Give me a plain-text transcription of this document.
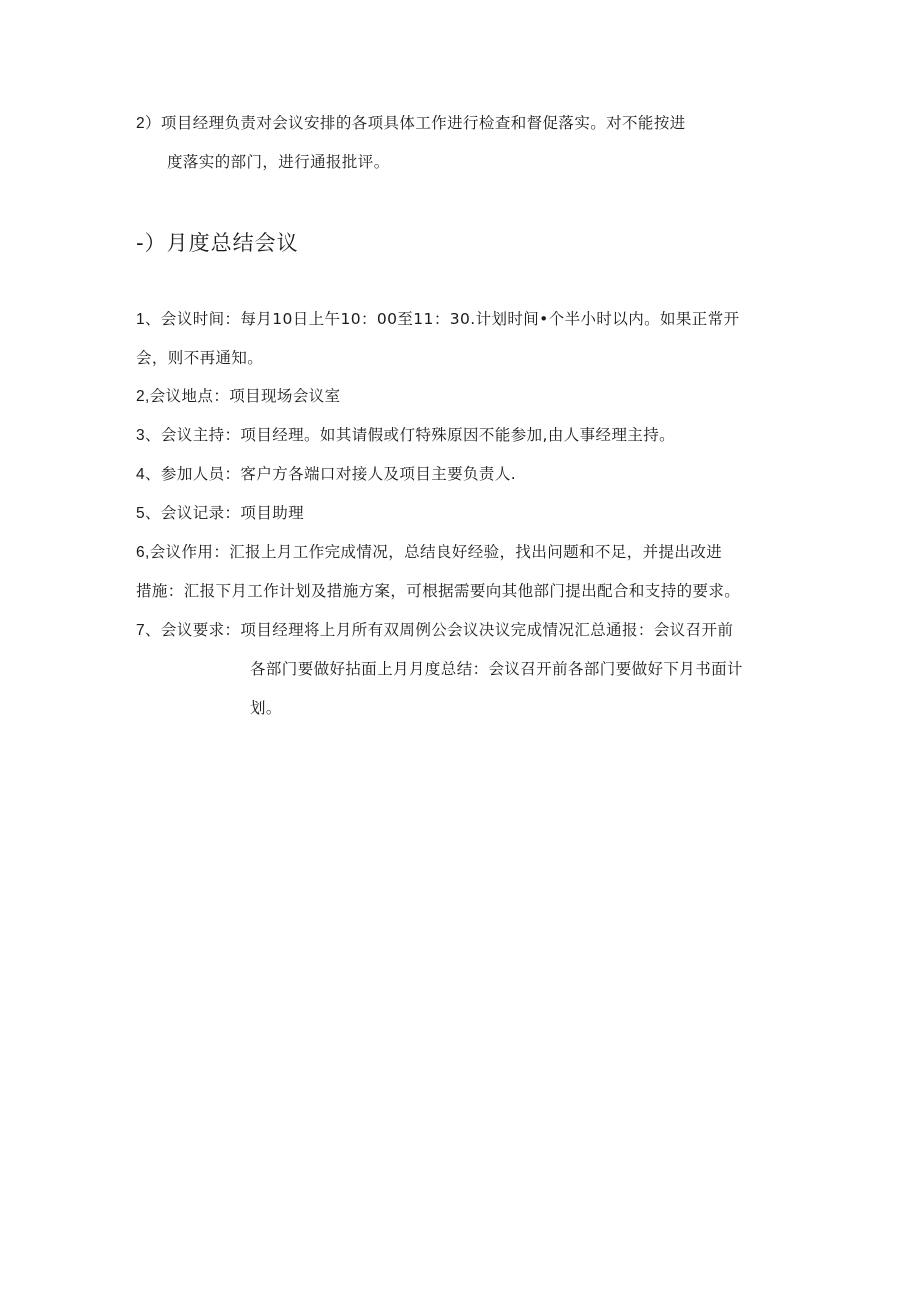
2）项目经理负责对会议安排的各项具体工作进行检查和督促落实。对不能按进
度落实的部门，进行通报批评。
-）月度总结会议
1、会议时间：每月10日上午10：00至11：30.计划时间•个半小时以内。如果正常开
会，则不再通知。
2,会议地点：项目现场会议室
3、会议主持：项目经理。如其请假或仃特殊原因不能参加,由人事经理主持。
4、参加人员：客户方各端口对接人及项目主要负责人.
5、会议记录：项目助理
6,会议作用：汇报上月工作完成情况，总结良好经验，找出问题和不足，并提出改进
措施：汇报下月工作计划及措施方案，可根据需要向其他部门提出配合和支持的要求。
7、会议要求：项目经理将上月所有双周例公会议决议完成情况汇总通报：会议召开前
各部门要做好拈面上月月度总结：会议召开前各部门要做好下月书面计
划。
